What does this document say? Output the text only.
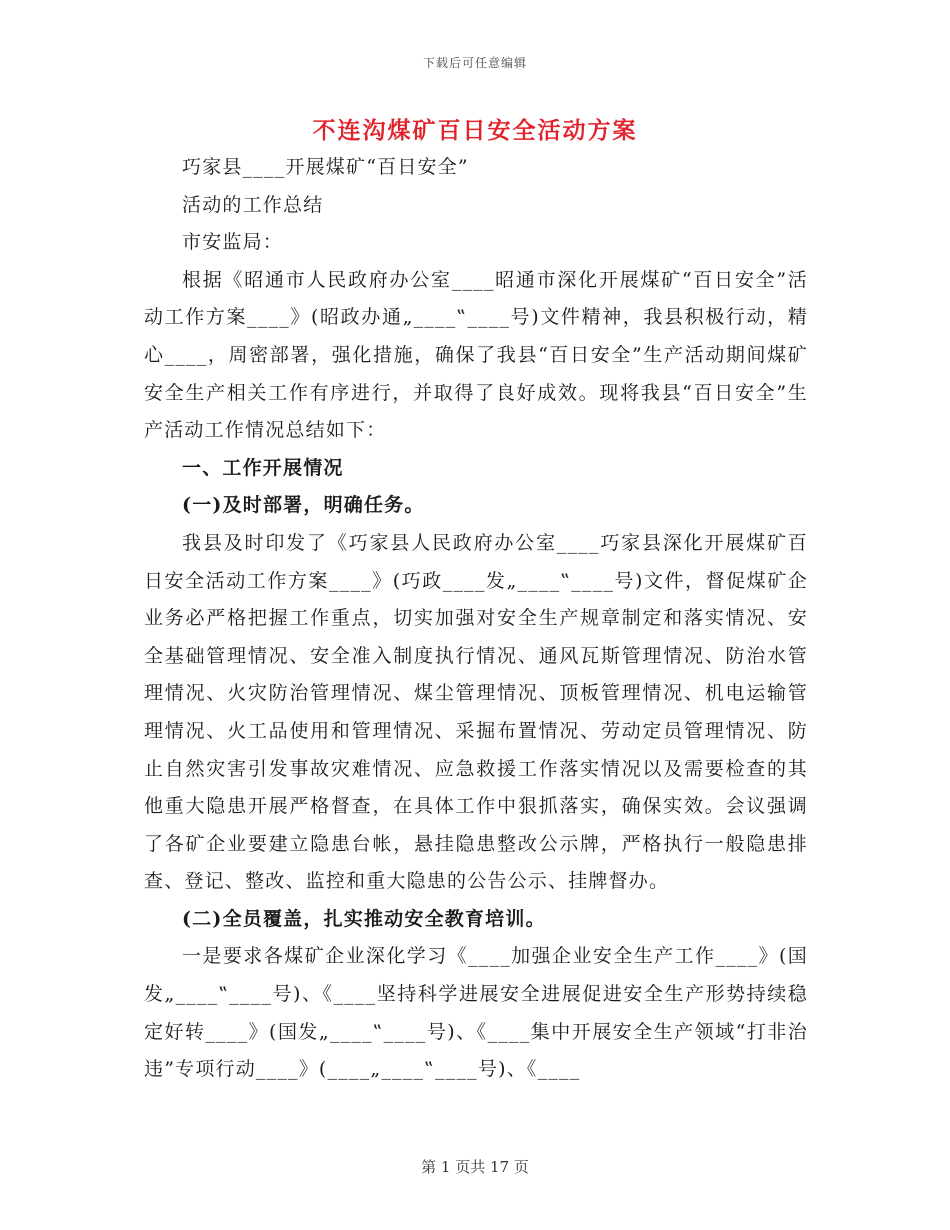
下载后可任意编辑
不连沟煤矿百日安全活动方案

巧家县____开展煤矿“百日安全”

活动的工作总结

市安监局：

根据《昭通市人民政府办公室____昭通市深化开展煤矿“百日安全”活动工作方案____》(昭政办通„____‟____号)文件精神，我县积极行动，精心____，周密部署，强化措施，确保了我县“百日安全”生产活动期间煤矿安全生产相关工作有序进行，并取得了良好成效。现将我县“百日安全”生产活动工作情况总结如下：

一、工作开展情况

(一)及时部署，明确任务。

我县及时印发了《巧家县人民政府办公室____巧家县深化开展煤矿百日安全活动工作方案____》(巧政____发„____‟____号)文件，督促煤矿企业务必严格把握工作重点，切实加强对安全生产规章制定和落实情况、安全基础管理情况、安全准入制度执行情况、通风瓦斯管理情况、防治水管理情况、火灾防治管理情况、煤尘管理情况、顶板管理情况、机电运输管理情况、火工品使用和管理情况、采掘布置情况、劳动定员管理情况、防止自然灾害引发事故灾难情况、应急救援工作落实情况以及需要检查的其他重大隐患开展严格督查，在具体工作中狠抓落实，确保实效。会议强调了各矿企业要建立隐患台帐，悬挂隐患整改公示牌，严格执行一般隐患排查、登记、整改、监控和重大隐患的公告公示、挂牌督办。

(二)全员覆盖，扎实推动安全教育培训。

一是要求各煤矿企业深化学习《____加强企业安全生产工作____》(国发„____‟____号)、《____坚持科学进展安全进展促进安全生产形势持续稳定好转____》(国发„____‟____号)、《____集中开展安全生产领域“打非治违”专项行动____》(____„____‟____号)、《____

第 1 页共 17 页
